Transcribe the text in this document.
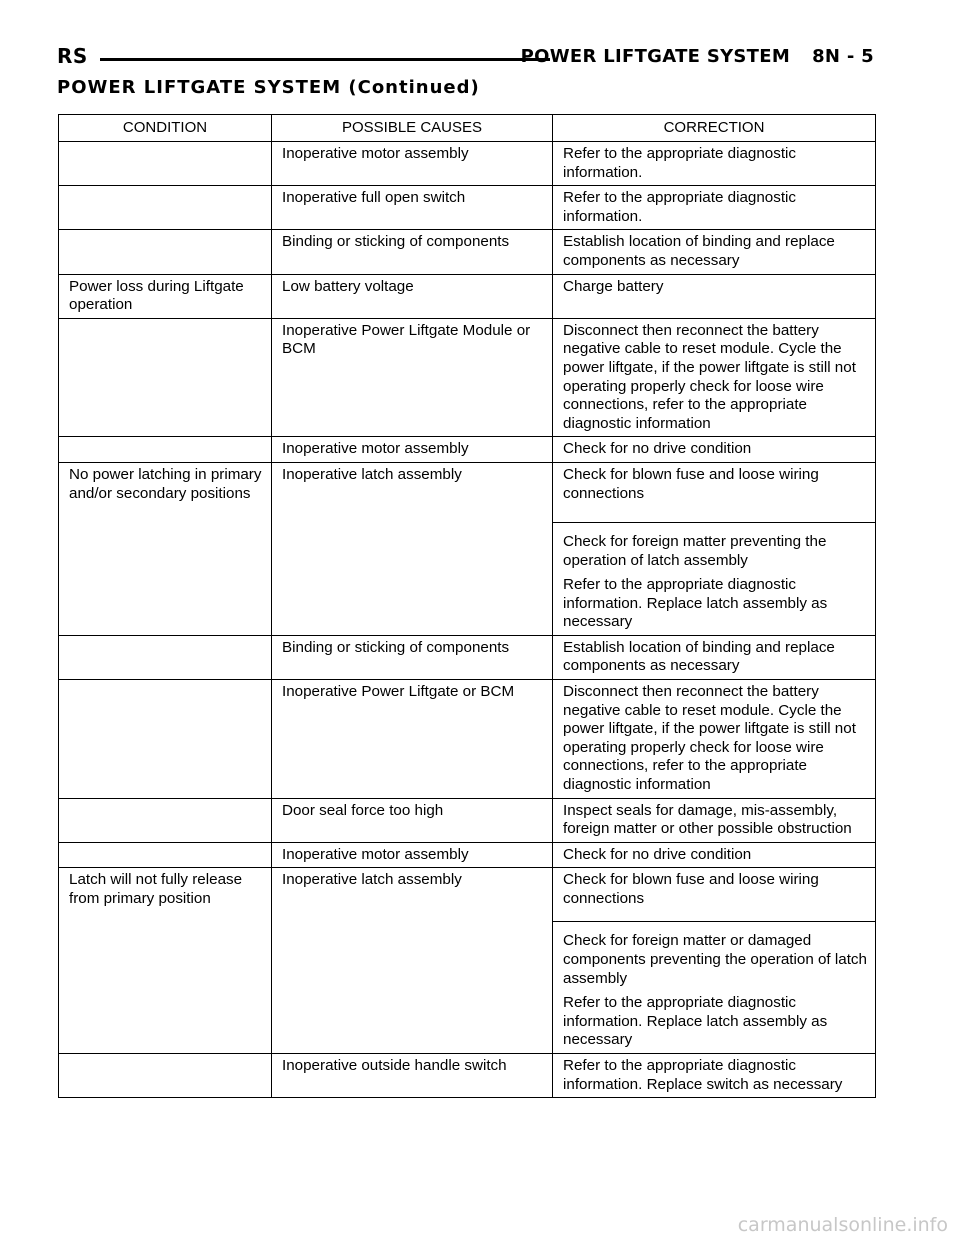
RS	POWER LIFTGATE SYSTEM 8N - 5
POWER LIFTGATE SYSTEM (Continued)
CONDITION	POSSIBLE CAUSES	CORRECTION
	Inoperative motor assembly	Refer to the appropriate diagnostic information.

	Inoperative full open switch	Refer to the appropriate diagnostic information.

	Binding or sticking of components	Establish location of binding and replace components as necessary

Power loss during Liftgate operation	Low battery voltage	Charge battery

	Inoperative Power Liftgate Module or BCM	Disconnect then reconnect the battery negative cable to reset module. Cycle the power liftgate, if the power liftgate is still not operating properly check for loose wire connections, refer to the appropriate diagnostic information

	Inoperative motor assembly	Check for no drive condition

No power latching in primary and/or secondary positions	Inoperative latch assembly	Check for blown fuse and loose wiring connections
Check for foreign matter preventing the operation of latch assembly
Refer to the appropriate diagnostic information. Replace latch assembly as necessary

	Binding or sticking of components	Establish location of binding and replace components as necessary

	Inoperative Power Liftgate or BCM	Disconnect then reconnect the battery negative cable to reset module. Cycle the power liftgate, if the power liftgate is still not operating properly check for loose wire connections, refer to the appropriate diagnostic information

	Door seal force too high	Inspect seals for damage, mis-assembly, foreign matter or other possible obstruction

	Inoperative motor assembly	Check for no drive condition

Latch will not fully release from primary position	Inoperative latch assembly	Check for blown fuse and loose wiring connections
Check for foreign matter or damaged components preventing the operation of latch assembly
Refer to the appropriate diagnostic information. Replace latch assembly as necessary

	Inoperative outside handle switch	Refer to the appropriate diagnostic information. Replace switch as necessary
carmanualsonline.info
